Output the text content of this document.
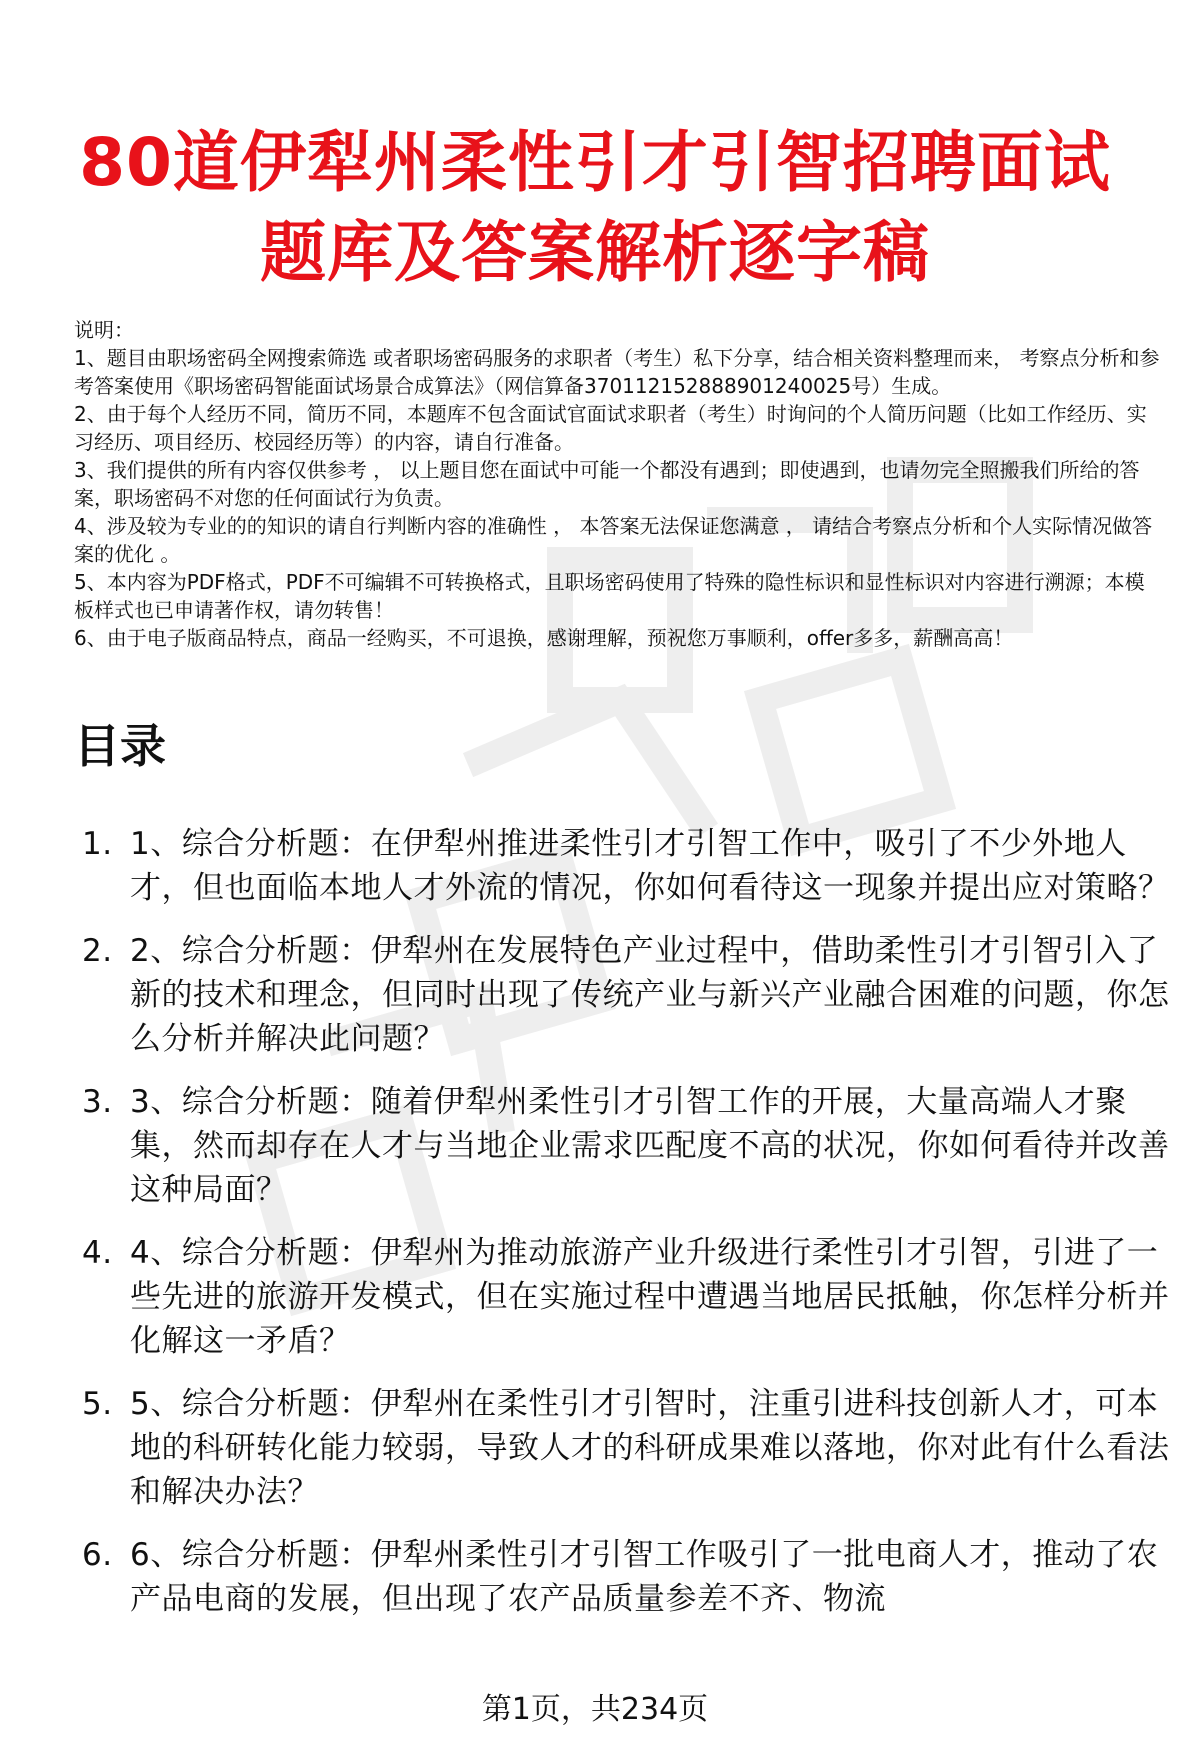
80道伊犁州柔性引才引智招聘面试题库及答案解析逐字稿
说明：
1、题目由职场密码全网搜索筛选 或者职场密码服务的求职者（考生）私下分享，结合相关资料整理而来， 考察点分析和参考答案使用《职场密码智能面试场景合成算法》（网信算备370112152888901240025号）生成。
2、由于每个人经历不同，简历不同，本题库不包含面试官面试求职者（考生）时询问的个人简历问题（比如工作经历、实习经历、项目经历、校园经历等）的内容，请自行准备。
3、我们提供的所有内容仅供参考 ， 以上题目您在面试中可能一个都没有遇到；即使遇到，也请勿完全照搬我们所给的答案，职场密码不对您的任何面试行为负责。
4、涉及较为专业的的知识的请自行判断内容的准确性 ， 本答案无法保证您满意 ， 请结合考察点分析和个人实际情况做答案的优化 。
5、本内容为PDF格式，PDF不可编辑不可转换格式，且职场密码使用了特殊的隐性标识和显性标识对内容进行溯源；本模板样式也已申请著作权，请勿转售！
6、由于电子版商品特点，商品一经购买，不可退换，感谢理解，预祝您万事顺利，offer多多，薪酬高高！
目录
1. 1、综合分析题：在伊犁州推进柔性引才引智工作中，吸引了不少外地人才，但也面临本地人才外流的情况，你如何看待这一现象并提出应对策略？
2. 2、综合分析题：伊犁州在发展特色产业过程中，借助柔性引才引智引入了新的技术和理念，但同时出现了传统产业与新兴产业融合困难的问题，你怎么分析并解决此问题？
3. 3、综合分析题：随着伊犁州柔性引才引智工作的开展，大量高端人才聚集，然而却存在人才与当地企业需求匹配度不高的状况，你如何看待并改善这种局面？
4. 4、综合分析题：伊犁州为推动旅游产业升级进行柔性引才引智，引进了一些先进的旅游开发模式，但在实施过程中遭遇当地居民抵触，你怎样分析并化解这一矛盾？
5. 5、综合分析题：伊犁州在柔性引才引智时，注重引进科技创新人才，可本地的科研转化能力较弱，导致人才的科研成果难以落地，你对此有什么看法和解决办法？
6. 6、综合分析题：伊犁州柔性引才引智工作吸引了一批电商人才，推动了农产品电商的发展，但出现了农产品质量参差不齐、物流
第1页，共234页
